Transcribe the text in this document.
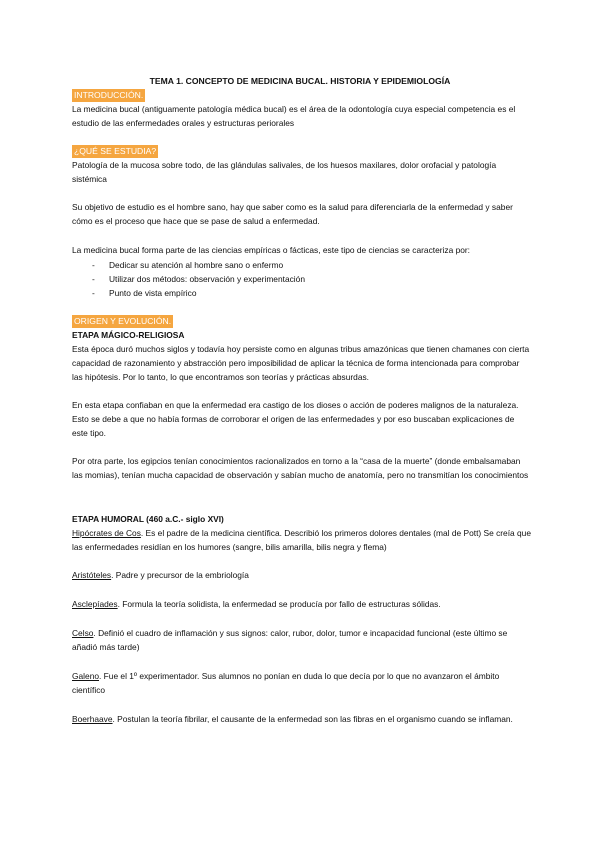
TEMA 1. CONCEPTO DE MEDICINA BUCAL. HISTORIA Y EPIDEMIOLOGÍA
INTRODUCCIÓN.

La medicina bucal (antiguamente patología médica bucal) es el área de la odontología cuya especial competencia es el estudio de las enfermedades orales y estructuras periorales

¿QUÉ SE ESTUDIA?

Patología de la mucosa sobre todo, de las glándulas salivales, de los huesos maxilares, dolor orofacial y patología sistémica

Su objetivo de estudio es el hombre sano, hay que saber como es la salud para diferenciarla de la enfermedad y saber cómo es el proceso que hace que se pase de salud a enfermedad.

La medicina bucal forma parte de las ciencias empíricas o fácticas, este tipo de ciencias se caracteriza por:

- Dedicar su atención al hombre sano o enfermo
- Utilizar dos métodos: observación y experimentación
- Punto de vista empírico
ORIGEN Y EVOLUCIÓN.

ETAPA MÁGICO-RELIGIOSA

Esta época duró muchos siglos y todavía hoy persiste como en algunas tribus amazónicas que tienen chamanes con cierta capacidad de razonamiento y abstracción pero imposibilidad de aplicar la técnica de forma intencionada para comprobar las hipótesis. Por lo tanto, lo que encontramos son teorías y prácticas absurdas.

En esta etapa confiaban en que la enfermedad era castigo de los dioses o acción de poderes malignos de la naturaleza. Esto se debe a que no había formas de corroborar el origen de las enfermedades y por eso buscaban explicaciones de este tipo.

Por otra parte, los egipcios tenían conocimientos racionalizados en torno a la “casa de la muerte” (donde embalsamaban las momias), tenían mucha capacidad de observación y sabían mucho de anatomía, pero no transmitían los conocimientos

ETAPA HUMORAL (460 a.C.- siglo XVI)

Hipócrates de Cos. Es el padre de la medicina científica. Describió los primeros dolores dentales (mal de Pott) Se creía que las enfermedades residían en los humores (sangre, bilis amarilla, bilis negra y flema)

Aristóteles. Padre y precursor de la embriología

Asclepíades. Formula la teoría solidista, la enfermedad se producía por fallo de estructuras sólidas.

Celso. Definió el cuadro de inflamación y sus signos: calor, rubor, dolor, tumor e incapacidad funcional (este último se añadió más tarde)

Galeno. Fue el 1º experimentador. Sus alumnos no ponían en duda lo que decía por lo que no avanzaron el ámbito científico

Boerhaave. Postulan la teoría fibrilar, el causante de la enfermedad son las fibras en el organismo cuando se inflaman.
